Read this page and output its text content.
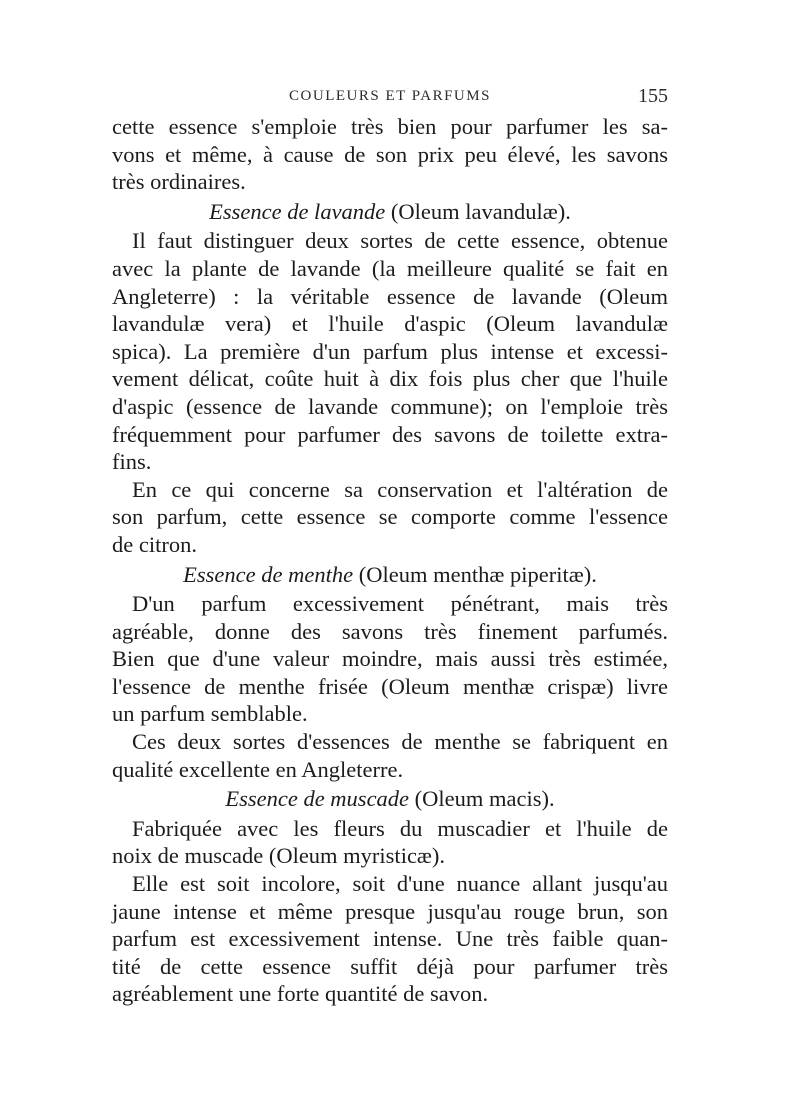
COULEURS ET PARFUMS	155
cette essence s'emploie très bien pour parfumer les sa-
vons et même, à cause de son prix peu élevé, les savons
très ordinaires.
Essence de lavande (Oleum lavandulæ).
Il faut distinguer deux sortes de cette essence, obtenue
avec la plante de lavande (la meilleure qualité se fait en
Angleterre) : la véritable essence de lavande (Oleum
lavandulæ vera) et l'huile d'aspic (Oleum lavandulæ
spica). La première d'un parfum plus intense et excessi-
vement délicat, coûte huit à dix fois plus cher que l'huile
d'aspic (essence de lavande commune); on l'emploie très
fréquemment pour parfumer des savons de toilette extra-
fins.
En ce qui concerne sa conservation et l'altération de
son parfum, cette essence se comporte comme l'essence
de citron.
Essence de menthe (Oleum menthæ piperitæ).
D'un parfum excessivement pénétrant, mais très
agréable, donne des savons très finement parfumés.
Bien que d'une valeur moindre, mais aussi très estimée,
l'essence de menthe frisée (Oleum menthæ crispæ) livre
un parfum semblable.
Ces deux sortes d'essences de menthe se fabriquent en
qualité excellente en Angleterre.
Essence de muscade (Oleum macis).
Fabriquée avec les fleurs du muscadier et l'huile de
noix de muscade (Oleum myristicæ).
Elle est soit incolore, soit d'une nuance allant jusqu'au
jaune intense et même presque jusqu'au rouge brun, son
parfum est excessivement intense. Une très faible quan-
tité de cette essence suffit déjà pour parfumer très
agréablement une forte quantité de savon.
